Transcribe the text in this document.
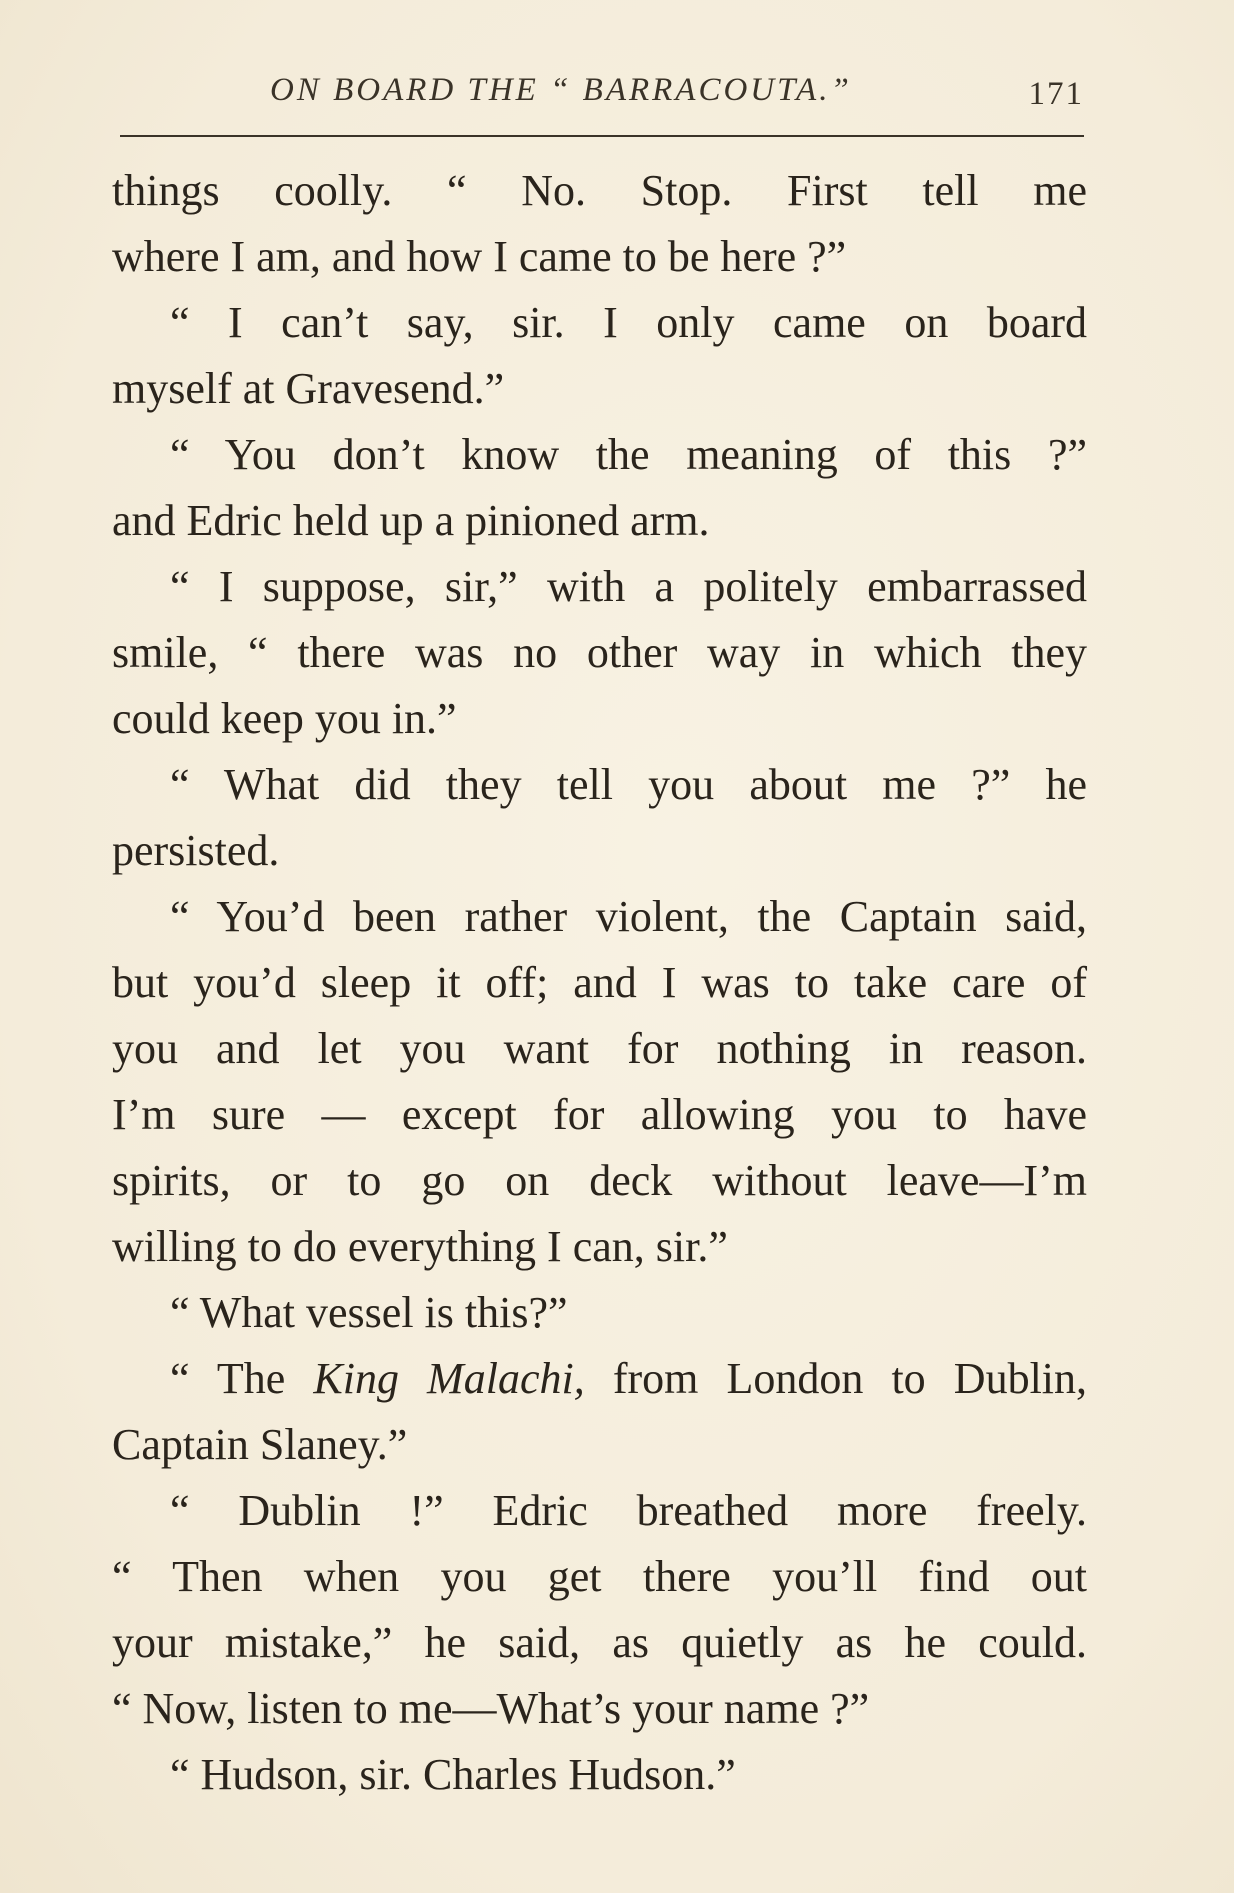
ON BOARD THE “ BARRACOUTA.”	171
things coolly. “ No. Stop. First tell me
where I am, and how I came to be here ?”
“ I can’t say, sir. I only came on board
myself at Gravesend.”
“ You don’t know the meaning of this ?”
and Edric held up a pinioned arm.
“ I suppose, sir,” with a politely embarrassed
smile, “ there was no other way in which they
could keep you in.”
“ What did they tell you about me ?” he
persisted.
“ You’d been rather violent, the Captain said,
but you’d sleep it off; and I was to take care of
you and let you want for nothing in reason.
I’m sure — except for allowing you to have
spirits, or to go on deck without leave—I’m
willing to do everything I can, sir.”
“ What vessel is this?”
“ The King Malachi, from London to Dublin,
Captain Slaney.”
“ Dublin !” Edric breathed more freely.
“ Then when you get there you’ll find out
your mistake,” he said, as quietly as he could.
“ Now, listen to me—What’s your name ?”
“ Hudson, sir. Charles Hudson.”
